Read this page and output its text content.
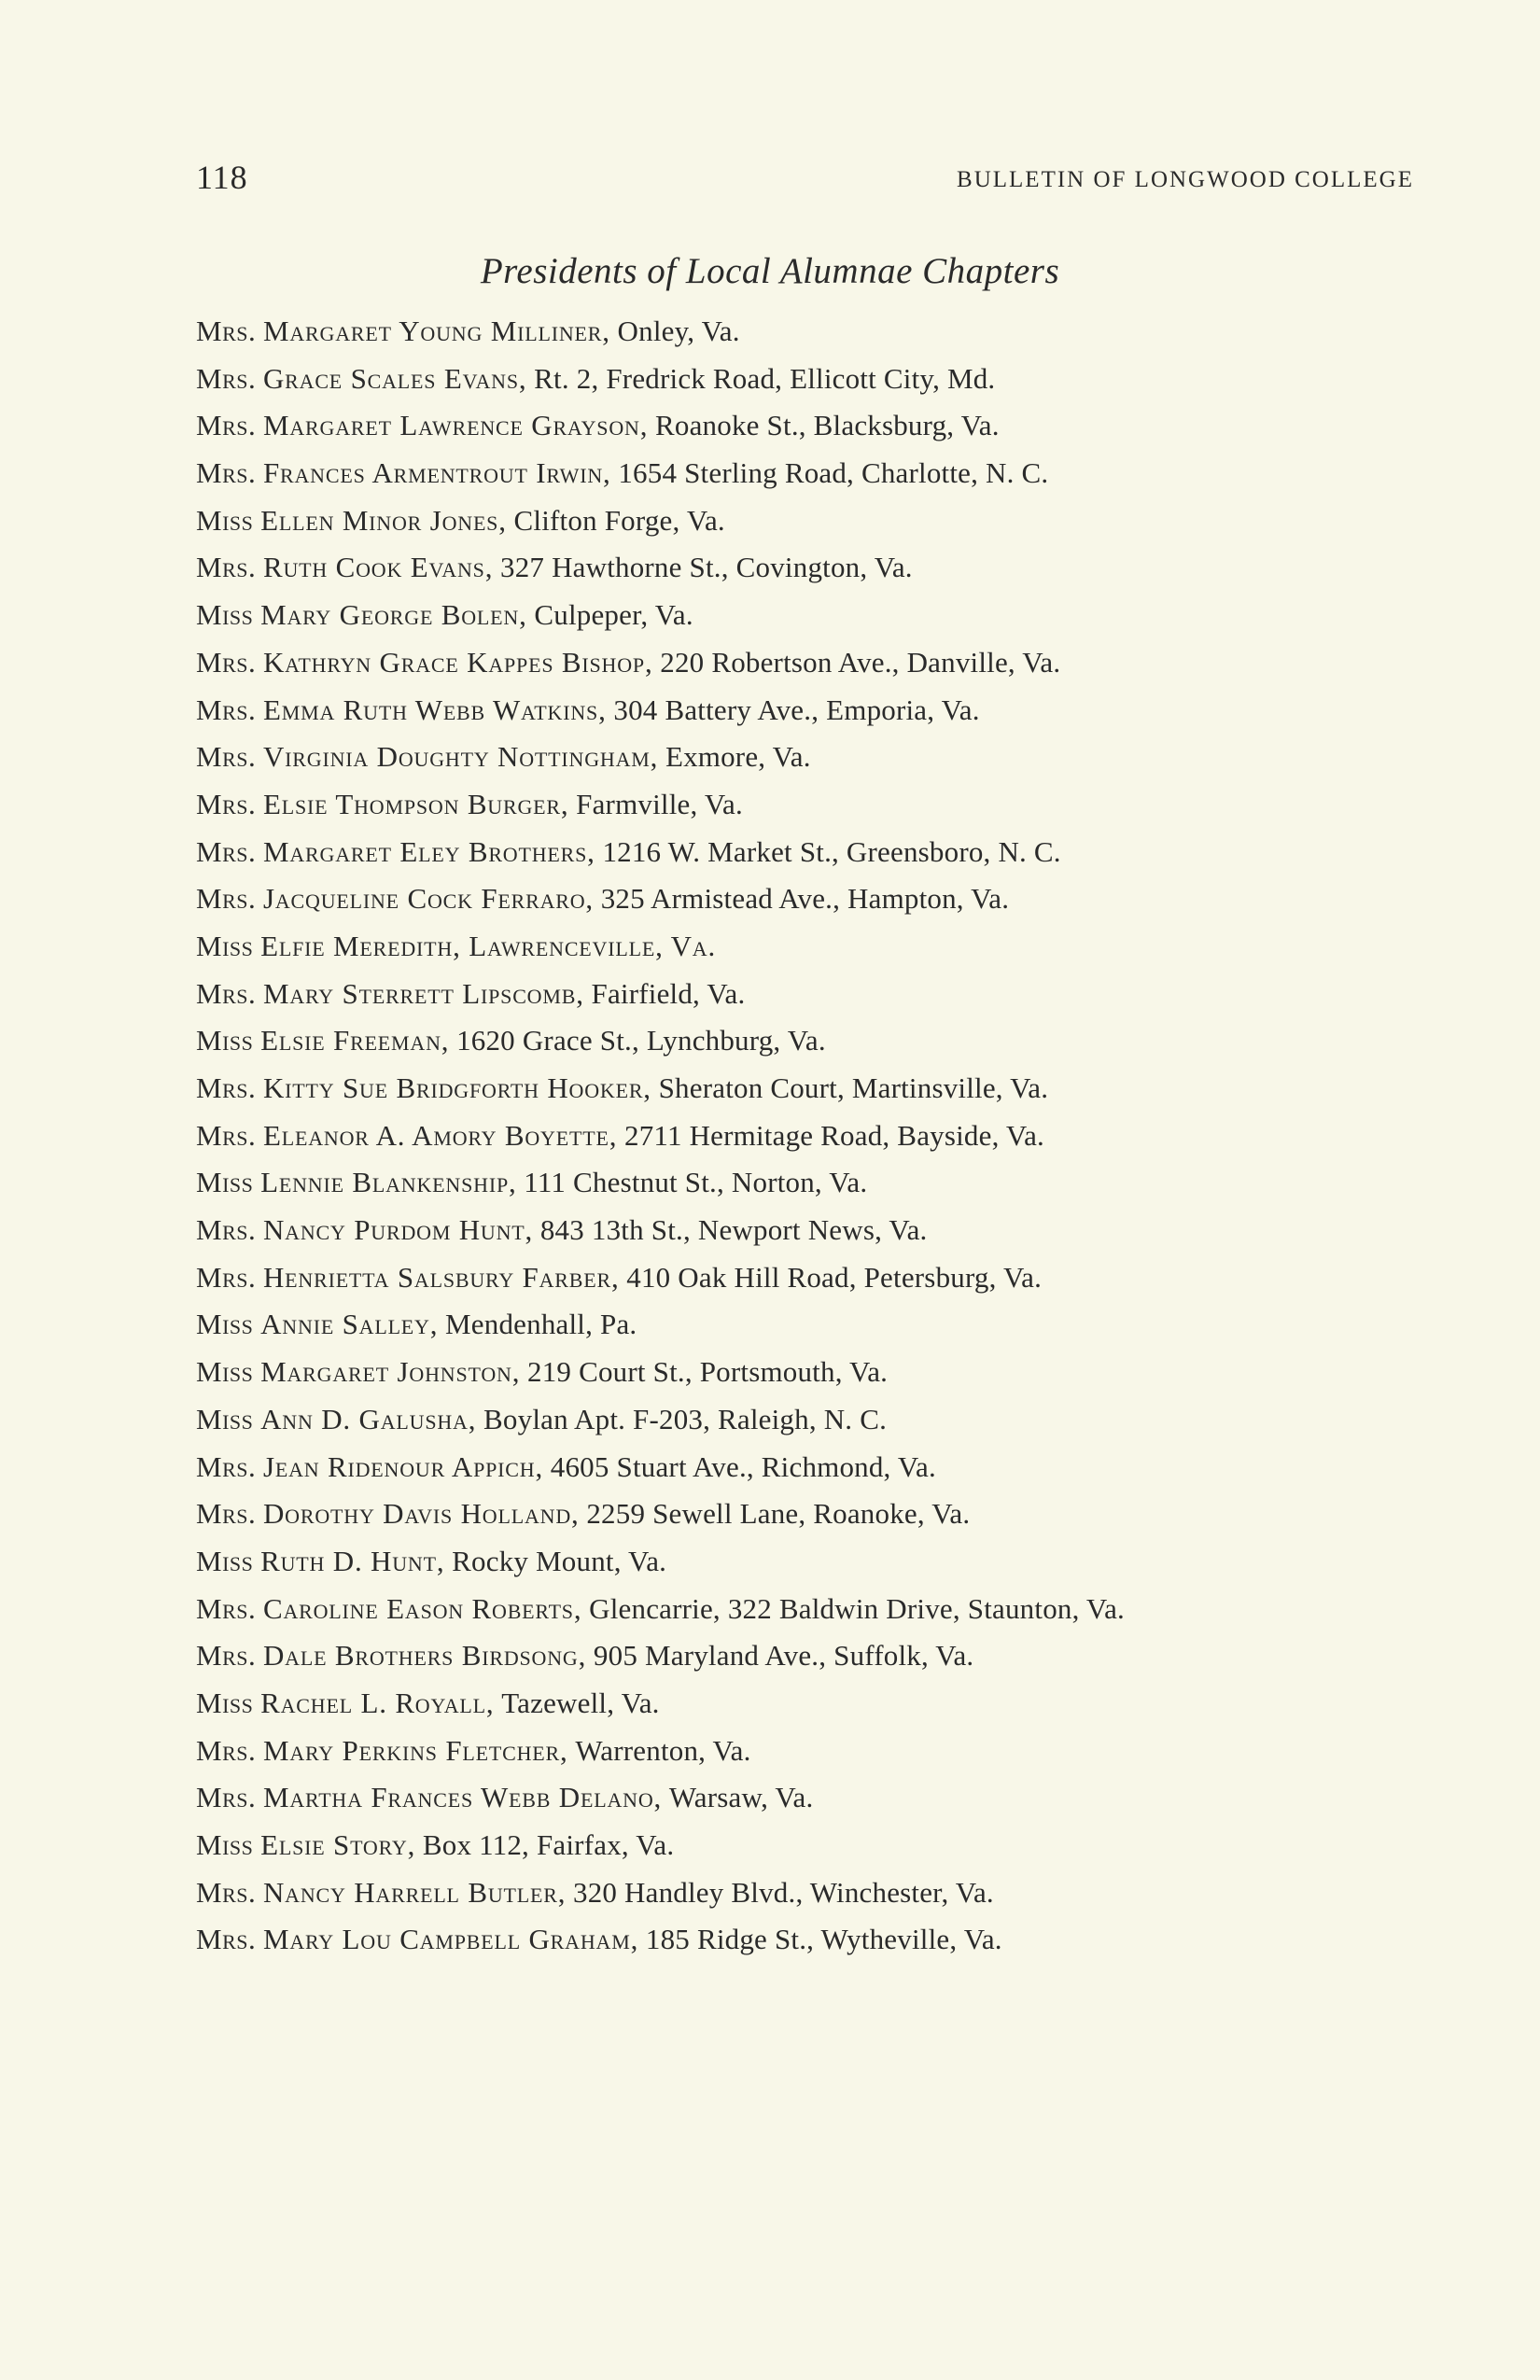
118	BULLETIN OF LONGWOOD COLLEGE
Presidents of Local Alumnae Chapters
Mrs. Margaret Young Milliner, Onley, Va.
Mrs. Grace Scales Evans, Rt. 2, Fredrick Road, Ellicott City, Md.
Mrs. Margaret Lawrence Grayson, Roanoke St., Blacksburg, Va.
Mrs. Frances Armentrout Irwin, 1654 Sterling Road, Charlotte, N. C.
Miss Ellen Minor Jones, Clifton Forge, Va.
Mrs. Ruth Cook Evans, 327 Hawthorne St., Covington, Va.
Miss Mary George Bolen, Culpeper, Va.
Mrs. Kathryn Grace Kappes Bishop, 220 Robertson Ave., Danville, Va.
Mrs. Emma Ruth Webb Watkins, 304 Battery Ave., Emporia, Va.
Mrs. Virginia Doughty Nottingham, Exmore, Va.
Mrs. Elsie Thompson Burger, Farmville, Va.
Mrs. Margaret Eley Brothers, 1216 W. Market St., Greensboro, N. C.
Mrs. Jacqueline Cock Ferraro, 325 Armistead Ave., Hampton, Va.
Miss Elfie Meredith, Lawrenceville, Va.
Mrs. Mary Sterrett Lipscomb, Fairfield, Va.
Miss Elsie Freeman, 1620 Grace St., Lynchburg, Va.
Mrs. Kitty Sue Bridgforth Hooker, Sheraton Court, Martinsville, Va.
Mrs. Eleanor A. Amory Boyette, 2711 Hermitage Road, Bayside, Va.
Miss Lennie Blankenship, 111 Chestnut St., Norton, Va.
Mrs. Nancy Purdom Hunt, 843 13th St., Newport News, Va.
Mrs. Henrietta Salsbury Farber, 410 Oak Hill Road, Petersburg, Va.
Miss Annie Salley, Mendenhall, Pa.
Miss Margaret Johnston, 219 Court St., Portsmouth, Va.
Miss Ann D. Galusha, Boylan Apt. F-203, Raleigh, N. C.
Mrs. Jean Ridenour Appich, 4605 Stuart Ave., Richmond, Va.
Mrs. Dorothy Davis Holland, 2259 Sewell Lane, Roanoke, Va.
Miss Ruth D. Hunt, Rocky Mount, Va.
Mrs. Caroline Eason Roberts, Glencarrie, 322 Baldwin Drive, Staunton, Va.
Mrs. Dale Brothers Birdsong, 905 Maryland Ave., Suffolk, Va.
Miss Rachel L. Royall, Tazewell, Va.
Mrs. Mary Perkins Fletcher, Warrenton, Va.
Mrs. Martha Frances Webb Delano, Warsaw, Va.
Miss Elsie Story, Box 112, Fairfax, Va.
Mrs. Nancy Harrell Butler, 320 Handley Blvd., Winchester, Va.
Mrs. Mary Lou Campbell Graham, 185 Ridge St., Wytheville, Va.
